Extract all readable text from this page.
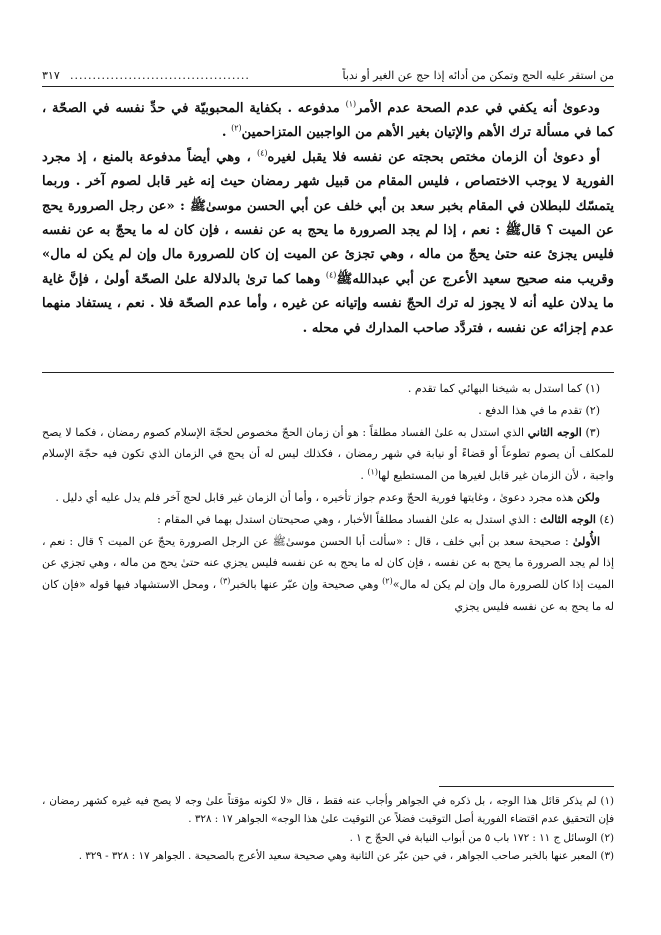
من استقر عليه الحج وتمكن من أدائه إذا حج عن الغير أو ندباً
........................................
٣١٧

ودعوىٰ أنه يكفي في عدم الصحة عدم الأمر$^{(١)}$ مدفوعه . بكفاية المحبوبيّة في حدِّ نفسه في الصحّة ، كما في مسألة ترك الأهم والإتيان بغير الأهم من الواجبين المتزاحمين$^{(٢)}$ .

أو دعوىٰ أن الزمان مختص بحجته عن نفسه فلا يقبل لغيره$^{(٤)}$ ، وهي أيضاً مدفوعة بالمنع ، إذ مجرد الفورية لا يوجب الاختصاص ، فليس المقام من قبيل شهر رمضان حيث إنه غير قابل لصوم آخر . وربما يتمسّك للبطلان في المقام بخبر سعد بن أبي خلف عن أبي الحسن موسىٰﷺ : «عن رجل الصرورة يحج عن الميت ؟ قالﷺ : نعم ، إذا لم يجد الصرورة ما يحج به عن نفسه ، فإن كان له ما يحجّ به عن نفسه فليس يجزئ عنه حتىٰ يحجّ من ماله ، وهي تجزئ عن الميت إن كان للصرورة مال وإن لم يكن له مال» وقريب منه صحيح سعيد الأعرج عن أبي عبداللهﷺ$^{(٤)}$ وهما كما ترىٰ بالدلالة علىٰ الصحّة أولىٰ ، فإنَّ غاية ما يدلان عليه أنه لا يجوز له ترك الحجّ نفسه وإتيانه عن غيره ، وأما عدم الصحّة فلا . نعم ، يستفاد منهما عدم إجزائه عن نفسه ، فتردَّد صاحب المدارك في محله .

(١) كما استدل به شيخنا البهائي كما تقدم .

(٢) تقدم ما في هذا الدفع .

(٣) الوجه الثاني الذي استدل به علىٰ الفساد مطلقاً : هو أن زمان الحجّ مخصوص لحجّة الإسلام كصوم رمضان ، فكما لا يصح للمكلف أن يصوم تطوعاً أو قضاءً أو نيابة في شهر رمضان ، فكذلك ليس له أن يحج في الزمان الذي تكون فيه حجّة الإسلام واجبة ، لأن الزمان غير قابل لغيرها من المستطيع لها$^{(١)}$ .

ولكن هذه مجرد دعوىٰ ، وغايتها فورية الحجّ وعدم جواز تأخيره ، وأما أن الزمان غير قابل لحج آخر فلم يدل عليه أي دليل .

(٤) الوجه الثالث : الذي استدل به علىٰ الفساد مطلقاً الأخبار ، وهي صحيحتان استدل بهما في المقام :

الأُولىٰ : صحيحة سعد بن أبي خلف ، قال : «سألت أبا الحسن موسىٰﷺ عن الرجل الصرورة يحجّ عن الميت ؟ قال : نعم ، إذا لم يجد الصرورة ما يحج به عن نفسه ، فإن كان له ما يحج به عن نفسه فليس يجزي عنه حتىٰ يحج من ماله ، وهي تجزي عن الميت إذا كان للصرورة مال وإن لم يكن له مال»$^{(٢)}$ وهي صحيحة وإن عبّر عنها بالخبر$^{(٣)}$ ، ومحل الاستشهاد فيها قوله «فإن كان له ما يحج به عن نفسه فليس يجزي

(١) لم يذكر قائل هذا الوجه ، بل ذكره في الجواهر وأجاب عنه فقط ، قال «لا لكونه مؤقتاً علىٰ وجه لا يصح فيه غيره كشهر رمضان ، فإن التحقيق عدم اقتضاء الفورية أصل التوقيت فضلاً عن التوقيت علىٰ هذا الوجه» الجواهر ١٧ : ٣٢٨ .

(٢) الوسائل ج ١١ : ١٧٢ باب ٥ من أبواب النيابة في الحجّ ح ١ .

(٣) المعبر عنها بالخبر صاحب الجواهر ، في حين عبّر عن الثانية وهي صحيحة سعيد الأعرج بالصحيحة . الجواهر ١٧ : ٣٢٨ - ٣٢٩ .
